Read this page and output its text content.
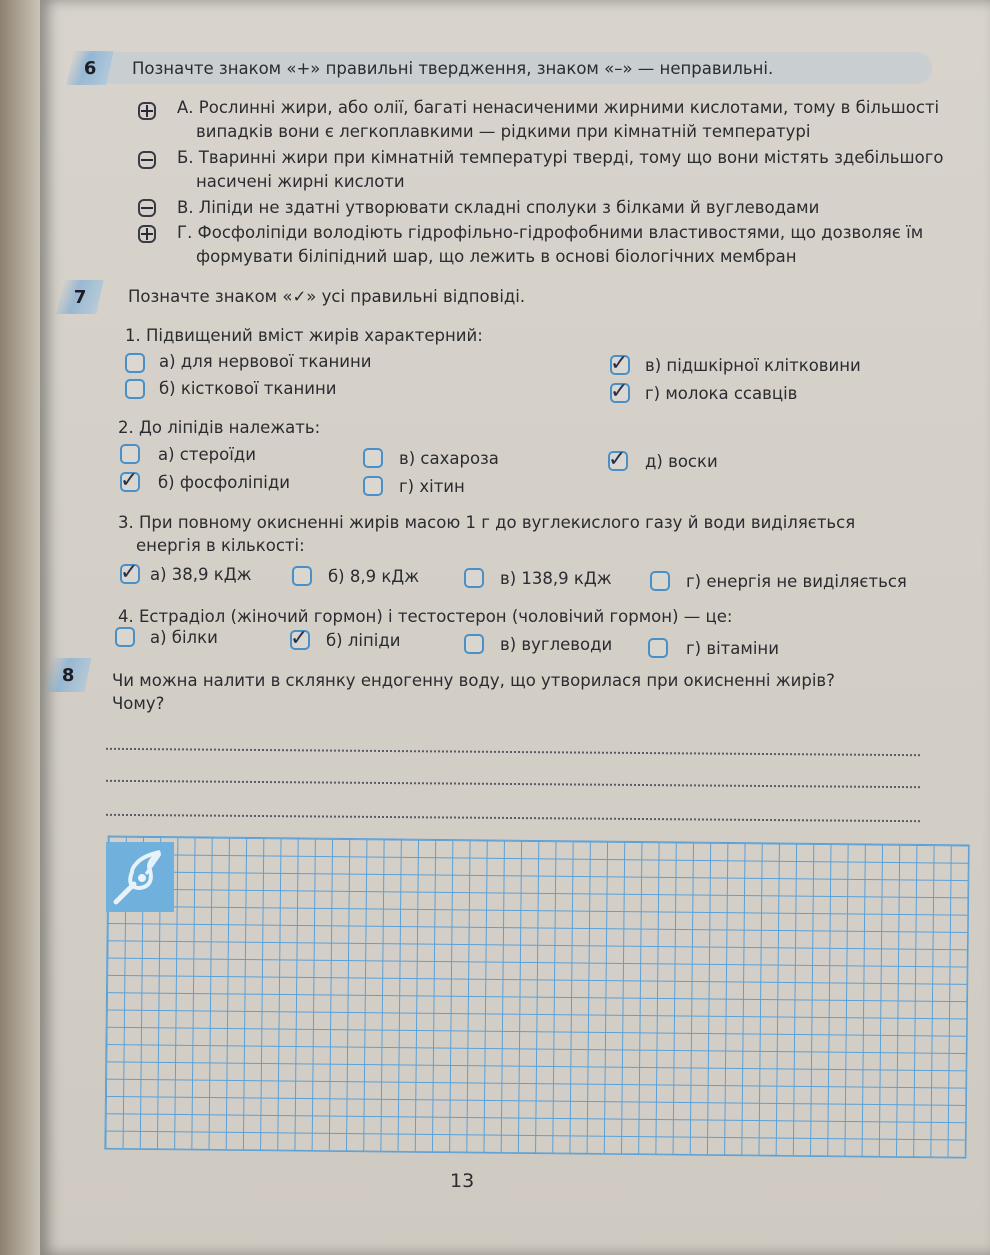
6 Позначте знаком «+» правильні твердження, знаком «–» — неправильні.
А. Рослинні жири, або олії, багаті ненасиченими жирними кислотами, тому в більшості
випадків вони є легкоплавкими — рідкими при кімнатній температурі
Б. Тваринні жири при кімнатній температурі тверді, тому що вони містять здебільшого
насичені жирні кислоти
В. Ліпіди не здатні утворювати складні сполуки з білками й вуглеводами
Г. Фосфоліпіди володіють гідрофільно-гідрофобними властивостями, що дозволяє їм
формувати біліпідний шар, що лежить в основі біологічних мембран
7	Позначте знаком «✓» усі правильні відповіді.
1. Підвищений вміст жирів характерний:
а) для нервової тканини
б) кісткової тканини
✓	в) підшкірної клітковини
✓	г) молока ссавців
2. До ліпідів належать:
а) стероїди
✓	б) фосфоліпіди
в) сахароза
г) хітин
✓	д) воски
3. При повному окисненні жирів масою 1 г до вуглекислого газу й води виділяється
енергія в кількості:
✓ а) 38,9 кДж	б) 8,9 кДж	в) 138,9 кДж	г) енергія не виділяється
4. Естрадіол (жіночий гормон) і тестостерон (чоловічий гормон) — це:
а) білки	✓	б) ліпіди	в) вуглеводи	г) вітаміни
8 Чи можна налити в склянку ендогенну воду, що утворилася при окисненні жирів?
Чому?
13
